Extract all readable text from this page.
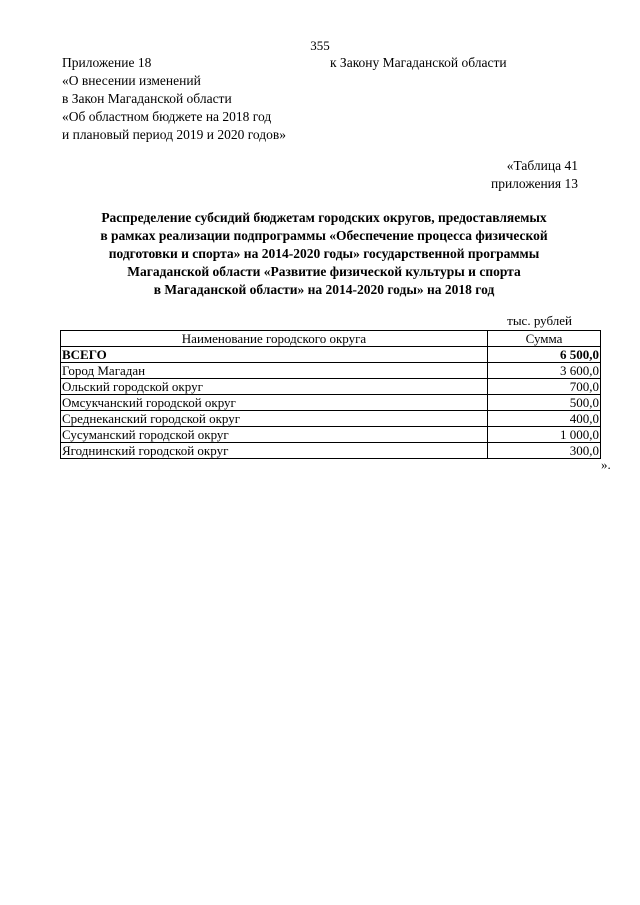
355
Приложение 18
«О внесении изменений
в Закон Магаданской области
«Об областном бюджете на 2018 год
и плановый период 2019 и 2020 годов»
к Закону Магаданской области
«Таблица 41
приложения 13
Распределение субсидий бюджетам городских округов, предоставляемых
в рамках реализации подпрограммы «Обеспечение процесса физической
подготовки и спорта» на 2014-2020 годы» государственной программы
Магаданской области «Развитие физической культуры и спорта
в Магаданской области» на 2014-2020 годы» на 2018 год
тыс. рублей
Наименование городского округа	Сумма
ВСЕГО	6 500,0
Город Магадан	3 600,0
Ольский городской округ	700,0
Омсукчанский городской округ	500,0
Среднеканский городской округ	400,0
Сусуманский городской округ	1 000,0
Ягоднинский городской округ	300,0
».
